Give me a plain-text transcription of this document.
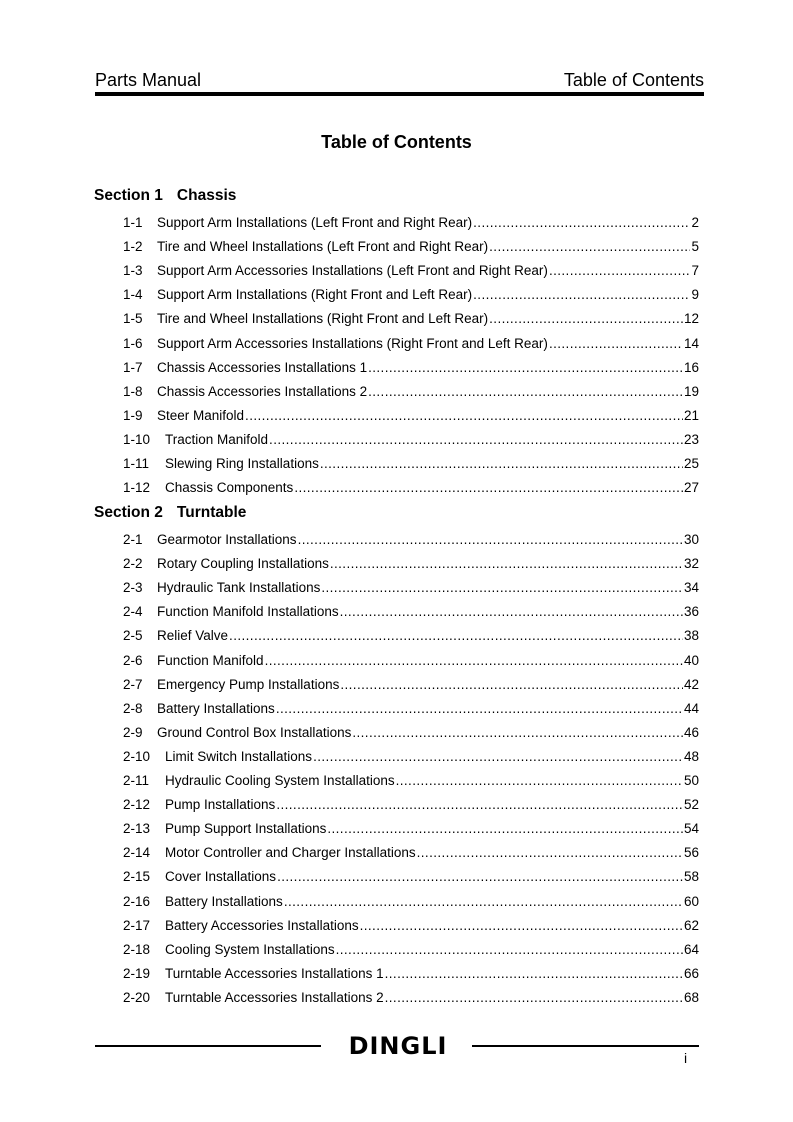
Parts Manual	Table of Contents
Table of Contents
Section 1 Chassis
1-1	Support Arm Installations (Left Front and Right Rear) .....	2
1-2	Tire and Wheel Installations (Left Front and Right Rear) .....	5
1-3	Support Arm Accessories Installations (Left Front and Right Rear) .....	7
1-4	Support Arm Installations (Right Front and Left Rear) .....	9
1-5	Tire and Wheel Installations (Right Front and Left Rear) .....	12
1-6	Support Arm Accessories Installations (Right Front and Left Rear) .....	14
1-7	Chassis Accessories Installations 1 .....	16
1-8	Chassis Accessories Installations 2 .....	19
1-9	Steer Manifold .....	21
1-10	Traction Manifold .....	23
1-11	Slewing Ring Installations .....	25
1-12	Chassis Components .....	27
Section 2 Turntable
2-1	Gearmotor Installations .....	30
2-2	Rotary Coupling Installations .....	32
2-3	Hydraulic Tank Installations .....	34
2-4	Function Manifold Installations .....	36
2-5	Relief Valve .....	38
2-6	Function Manifold .....	40
2-7	Emergency Pump Installations .....	42
2-8	Battery Installations .....	44
2-9	Ground Control Box Installations .....	46
2-10	Limit Switch Installations .....	48
2-11	Hydraulic Cooling System Installations .....	50
2-12	Pump Installations .....	52
2-13	Pump Support Installations .....	54
2-14	Motor Controller and Charger Installations .....	56
2-15	Cover Installations .....	58
2-16	Battery Installations .....	60
2-17	Battery Accessories Installations .....	62
2-18	Cooling System Installations .....	64
2-19	Turntable Accessories Installations 1 .....	66
2-20	Turntable Accessories Installations 2 .....	68
DINGLI	i
